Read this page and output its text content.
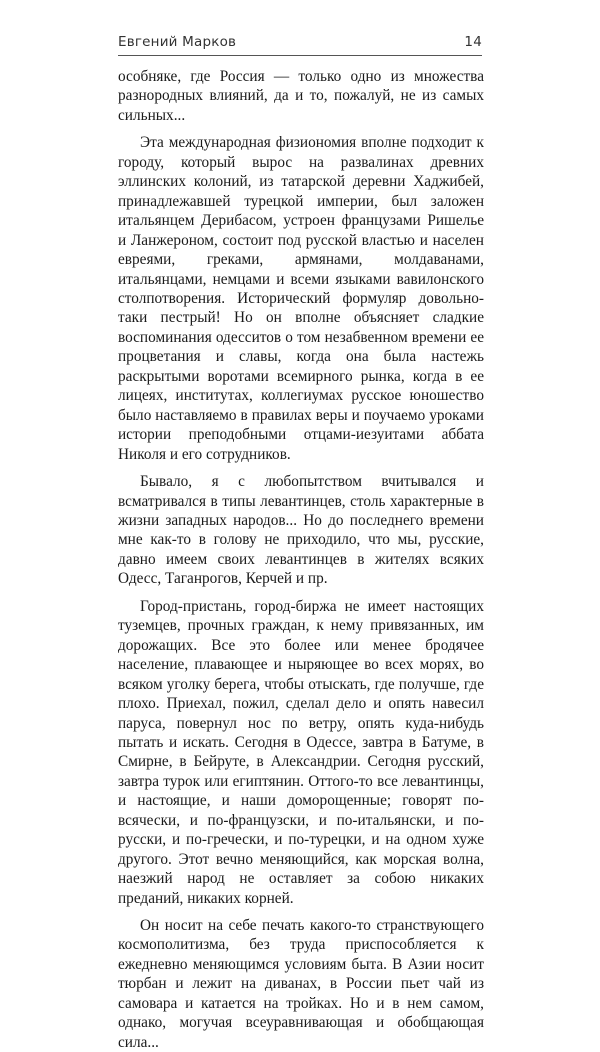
Евгений Марков	14

особняке, где Россия — только одно из множества разнородных влияний, да и то, пожалуй, не из самых сильных...

Эта международная физиономия вполне подходит к городу, который вырос на развалинах древних эллинских колоний, из татарской деревни Хаджибей, принадлежавшей турецкой империи, был заложен итальянцем Дерибасом, устроен французами Ришелье и Ланжероном, состоит под русской властью и населен евреями, греками, армянами, молдаванами, итальянцами, немцами и всеми языками вавилонского столпотворения. Исторический формуляр довольно-таки пестрый! Но он вполне объясняет сладкие воспоминания одесситов о том незабвенном времени ее процветания и славы, когда она была настежь раскрытыми воротами всемирного рынка, когда в ее лицеях, институтах, коллегиумах русское юношество было наставляемо в правилах веры и поучаемо уроками истории преподобными отцами-иезуитами аббата Николя и его сотрудников.

Бывало, я с любопытством вчитывался и всматривался в типы левантинцев, столь характерные в жизни западных народов... Но до последнего времени мне как-то в голову не приходило, что мы, русские, давно имеем своих левантинцев в жителях всяких Одесс, Таганрогов, Керчей и пр.

Город-пристань, город-биржа не имеет настоящих туземцев, прочных граждан, к нему привязанных, им дорожащих. Все это более или менее бродячее население, плавающее и ныряющее во всех морях, во всяком уголку берега, чтобы отыскать, где получше, где плохо. Приехал, пожил, сделал дело и опять навесил паруса, повернул нос по ветру, опять куда-нибудь пытать и искать. Сегодня в Одессе, завтра в Батуме, в Смирне, в Бейруте, в Александрии. Сегодня русский, завтра турок или египтянин. Оттого-то все левантинцы, и настоящие, и наши доморощенные; говорят по-всячески, и по-французски, и по-итальянски, и по-русски, и по-гречески, и по-турецки, и на одном хуже другого. Этот вечно меняющийся, как морская волна, наезжий народ не оставляет за собою никаких преданий, никаких корней.

Он носит на себе печать какого-то странствующего космополитизма, без труда приспособляется к ежедневно меняющимся условиям быта. В Азии носит тюрбан и лежит на диванах, в России пьет чай из самовара и катается на тройках. Но и в нем самом, однако, могучая всеуравнивающая и обобщающая сила...
